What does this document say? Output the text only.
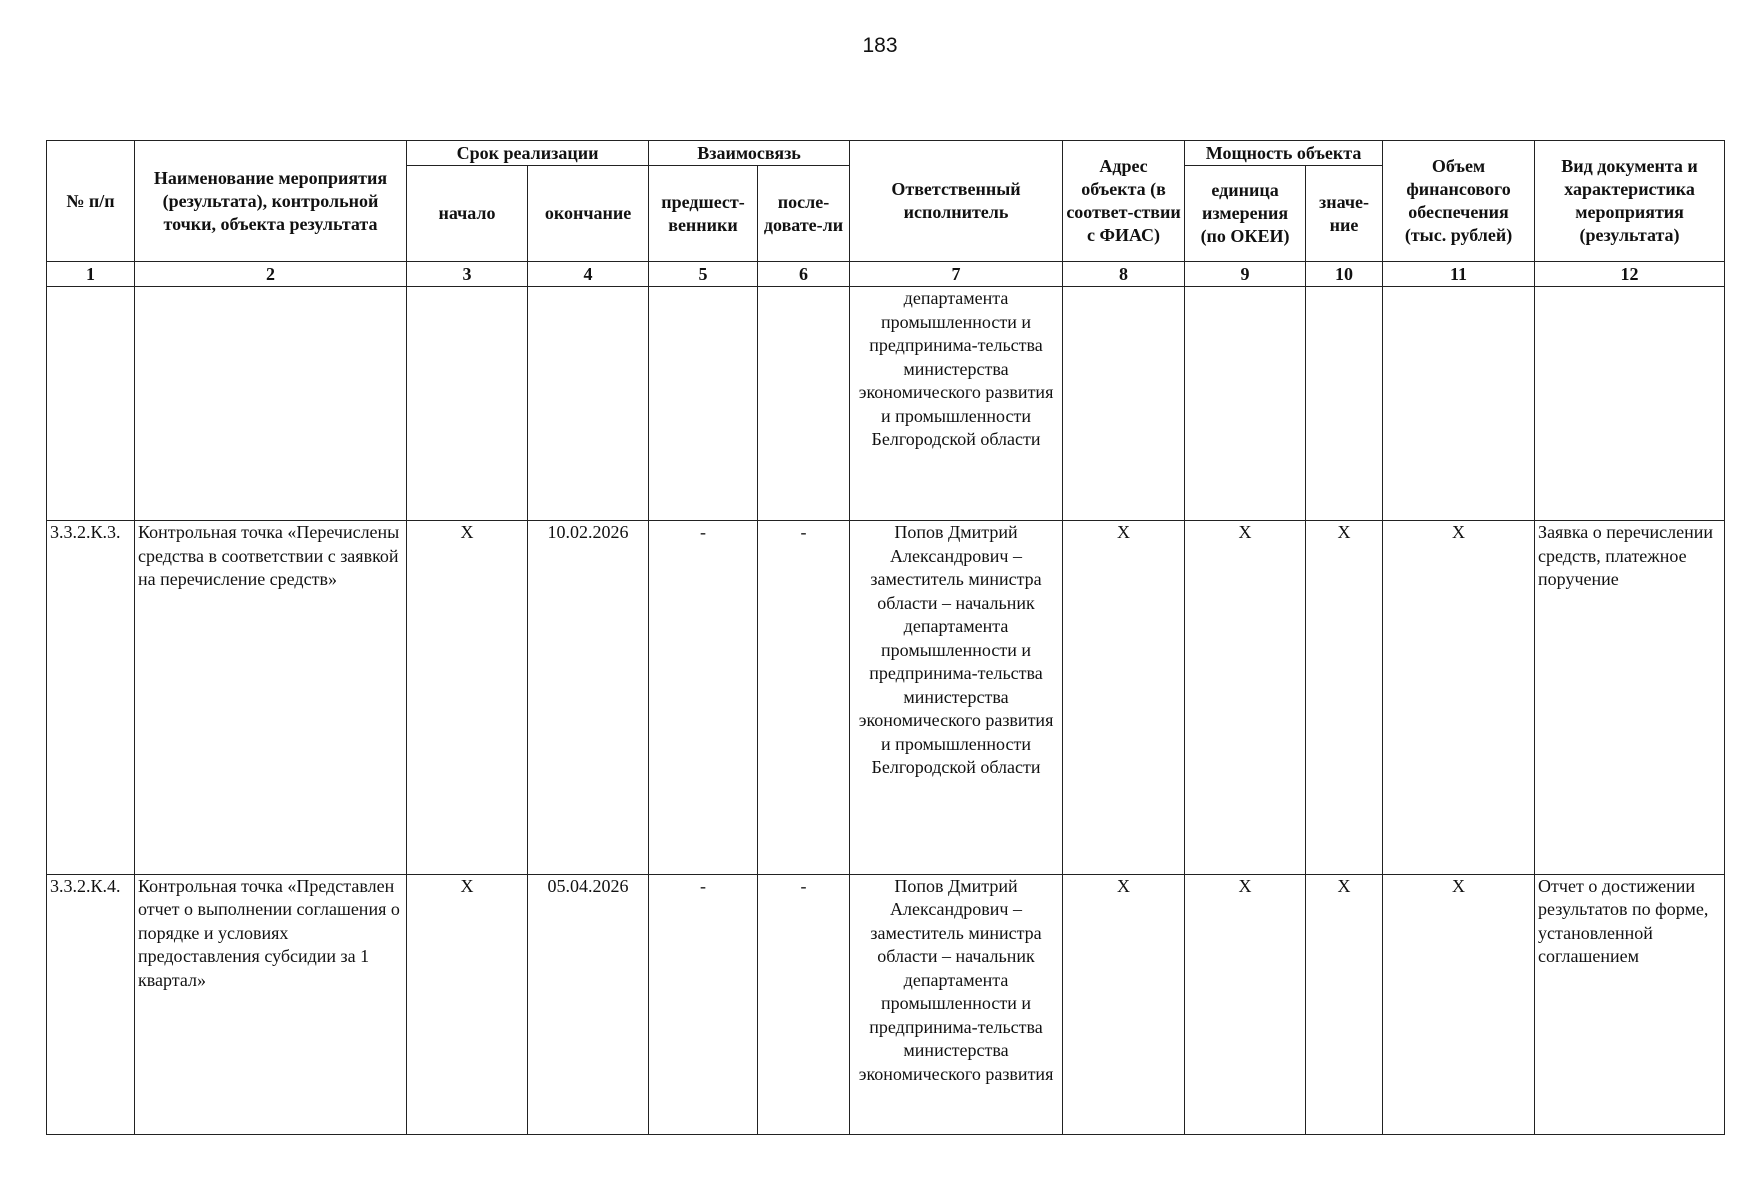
183
№ п/п	Наименование мероприятия (результата), контрольной точки, объекта результата	Срок реализации		Взаимосвязь		Ответственный исполнитель	Адрес объекта (в соответ-ствии с ФИАС)	Мощность объекта		Объем финансового обеспечения (тыс. рублей)	Вид документа и характеристика мероприятия (результата)
		начало	окончание	предшест-венники	после-довате-ли			единица измерения (по ОКЕИ)	значе-ние		
1	2	3	4	5	6	7	8	9	10	11	12
						департамента промышленности и предпринима-тельства министерства экономического развития и промышленности Белгородской области					
3.3.2.К.3.	Контрольная точка «Перечислены средства в соответствии с заявкой на перечисление средств»	Х	10.02.2026	-	-	Попов Дмитрий Александрович – заместитель министра области – начальник департамента промышленности и предпринима-тельства министерства экономического развития и промышленности Белгородской области	Х	Х	Х	Х	Заявка о перечислении средств, платежное поручение
3.3.2.К.4.	Контрольная точка «Представлен отчет о выполнении соглашения о порядке и условиях предоставления субсидии за 1 квартал»	Х	05.04.2026	-	-	Попов Дмитрий Александрович – заместитель министра области – начальник департамента промышленности и предпринима-тельства министерства экономического развития	Х	Х	Х	Х	Отчет о достижении результатов по форме, установленной соглашением
